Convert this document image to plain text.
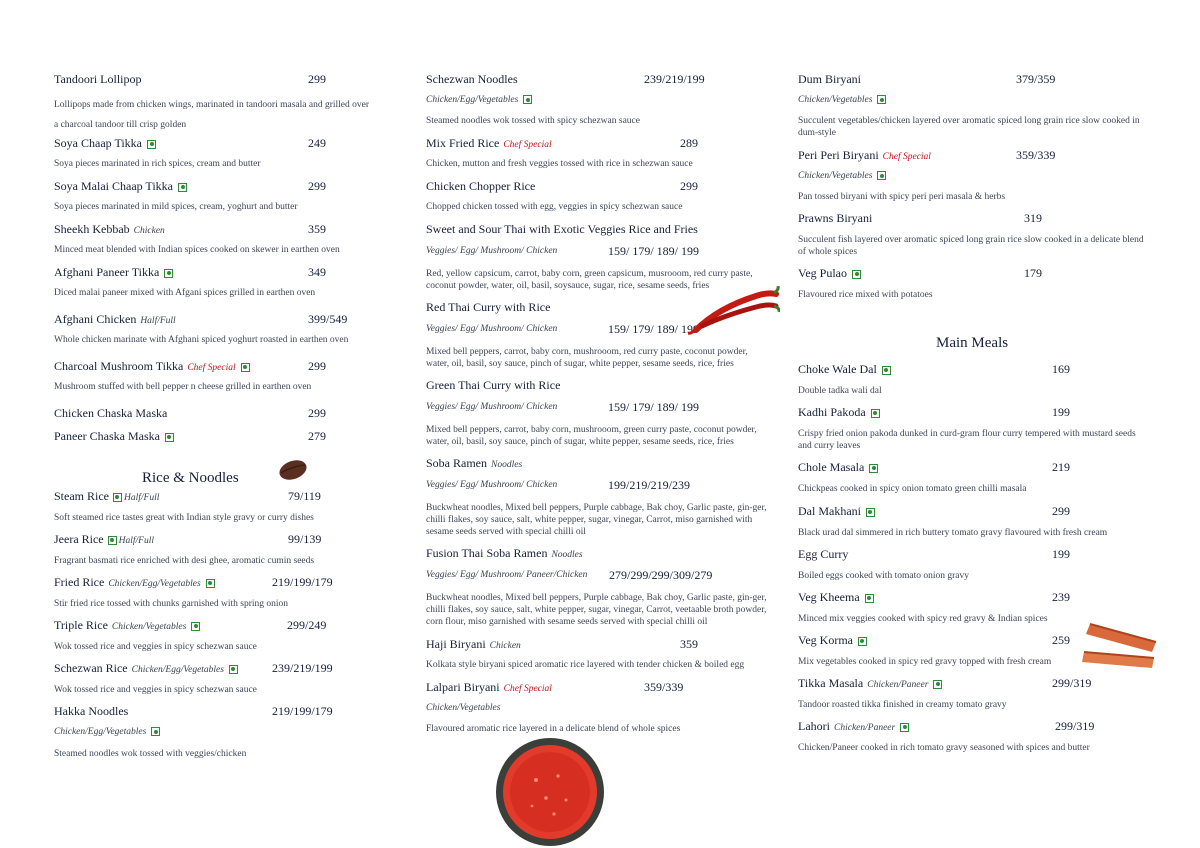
Tandoori Lollipop	299
Lollipops made from chicken wings, marinated in tandoori masala and grilled over a charcoal tandoor till crisp golden
Soya Chaap Tikka	249
Soya pieces marinated in rich spices, cream and butter
Soya Malai Chaap Tikka	299
Soya pieces marinated in mild spices, cream, yoghurt and butter
Sheekh Kebbab Chicken	359
Minced meat blended with Indian spices cooked on skewer in earthen oven
Afghani Paneer Tikka	349
Diced malai paneer mixed with Afgani spices grilled in earthen oven
Afghani Chicken Half/Full	399/549
Whole chicken marinate with Afghani spiced yoghurt roasted in earthen oven
Charcoal Mushroom Tikka Chef Special	299
Mushroom stuffed with bell pepper n cheese grilled in earthen oven
Chicken Chaska Maska	299
Paneer Chaska Maska	279
Rice & Noodles
Steam Rice Half/Full	79/119
Soft steamed rice tastes great with Indian style gravy or curry dishes
Jeera Rice Half/Full	99/139
Fragrant basmati rice enriched with desi ghee, aromatic cumin seeds
Fried Rice Chicken/Egg/Vegetables	219/199/179
Stir fried rice tossed with chunks garnished with spring onion
Triple Rice Chicken/Vegetables	299/249
Wok tossed rice and veggies in spicy schezwan sauce
Schezwan Rice Chicken/Egg/Vegetables	239/219/199
Wok tossed rice and veggies in spicy schezwan sauce
Hakka Noodles	219/199/179
Chicken/Egg/Vegetables
Steamed noodles wok tossed with veggies/chicken
Schezwan Noodles	239/219/199
Chicken/Egg/Vegetables
Steamed noodles wok tossed with spicy schezwan sauce
Mix Fried Rice Chef Special	289
Chicken, mutton and fresh veggies tossed with rice in schezwan sauce
Chicken Chopper Rice	299
Chopped chicken tossed with egg, veggies in spicy schezwan sauce
Sweet and Sour Thai with Exotic Veggies Rice and Fries
Veggies/ Egg/ Mushroom/ Chicken	159/ 179/ 189/ 199
Red, yellow capsicum, carrot, baby corn, green capsicum, musrooom, red curry paste, coconut powder, water, oil, basil, soysauce, sugar, rice, sesame seeds, fries
Red Thai Curry with Rice
Veggies/ Egg/ Mushroom/ Chicken	159/ 179/ 189/ 199
Mixed bell peppers, carrot, baby corn, mushrooom, red curry paste, coconut powder, water, oil, basil, soy sauce, pinch of sugar, white pepper, sesame seeds, rice, fries
Green Thai Curry with Rice
Veggies/ Egg/ Mushroom/ Chicken	159/ 179/ 189/ 199
Mixed bell peppers, carrot, baby corn, mushrooom, green curry paste, coconut powder, water, oil, basil, soy sauce, pinch of sugar, white pepper, sesame seeds, rice, fries
Soba Ramen Noodles
Veggies/ Egg/ Mushroom/ Chicken	199/219/219/239
Buckwheat noodles, Mixed bell peppers, Purple cabbage, Bak choy, Garlic paste, gin-ger, chilli flakes, soy sauce, salt, white pepper, sugar, vinegar, Carrot, miso garnished with sesame seeds served with special chilli oil
Fusion Thai Soba Ramen Noodles
Veggies/ Egg/ Mushroom/ Paneer/Chicken 279/299/299/309/279
Buckwheat noodles, Mixed bell peppers, Purple cabbage, Bak choy, Garlic paste, gin-ger, chilli flakes, soy sauce, salt, white pepper, sugar, vinegar, Carrot, veetaable broth powder, corn flour, miso garnished with sesame seeds served with special chilli oil
Haji Biryani Chicken	359
Kolkata style biryani spiced aromatic rice layered with tender chicken & boiled egg
Lalpari Biryani Chef Special	359/339
Chicken/Vegetables
Flavoured aromatic rice layered in a delicate blend of whole spices
Dum Biryani	379/359
Chicken/Vegetables
Succulent vegetables/chicken layered over aromatic spiced long grain rice slow cooked in dum-style
Peri Peri Biryani Chef Special	359/339
Chicken/Vegetables
Pan tossed biryani with spicy peri peri masala & herbs
Prawns Biryani	319
Succulent fish layered over aromatic spiced long grain rice slow cooked in a delicate blend of whole spices
Veg Pulao	179
Flavoured rice mixed with potatoes
Main Meals
Choke Wale Dal	169
Double tadka wali dal
Kadhi Pakoda	199
Crispy fried onion pakoda dunked in curd-gram flour curry tempered with mustard seeds and curry leaves
Chole Masala	219
Chickpeas cooked in spicy onion tomato green chilli masala
Dal Makhani	299
Black urad dal simmered in rich buttery tomato gravy flavoured with fresh cream
Egg Curry	199
Boiled eggs cooked with tomato onion gravy
Veg Kheema	239
Minced mix veggies cooked with spicy red gravy & Indian spices
Veg Korma	259
Mix vegetables cooked in spicy red gravy topped with fresh cream
Tikka Masala Chicken/Paneer	299/319
Tandoor roasted tikka finished in creamy tomato gravy
Lahori Chicken/Paneer	299/319
Chicken/Paneer cooked in rich tomato gravy seasoned with spices and butter
